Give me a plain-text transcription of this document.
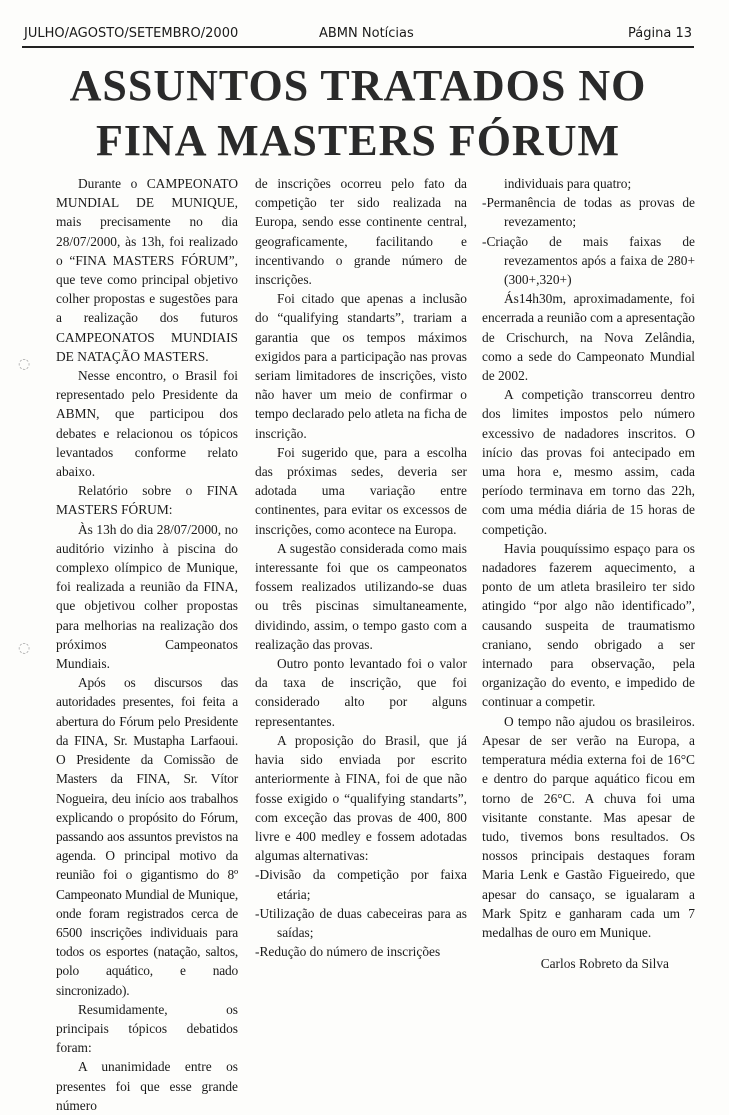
JULHO/AGOSTO/SETEMBRO/2000	ABMN Notícias	Página 13
ASSUNTOS TRATADOS NO
FINA MASTERS FÓRUM
◌
◌

Durante o CAMPEONATO MUNDIAL DE MUNIQUE, mais precisamente no dia 28/07/2000, às 13h, foi realizado o “FINA MASTERS FÓRUM”, que teve como principal objetivo colher propostas e sugestões para a realização dos futuros CAMPEONATOS MUNDIAIS DE NATAÇÃO MASTERS.

Nesse encontro, o Brasil foi representado pelo Presidente da ABMN, que participou dos debates e relacionou os tópicos levantados conforme relato abaixo.

Relatório sobre o FINA MASTERS FÓRUM:

Às 13h do dia 28/07/2000, no auditório vizinho à piscina do complexo olímpico de Munique, foi realizada a reunião da FINA, que objetivou colher propostas para melhorias na realização dos próximos Campeonatos Mundiais.

Após os discursos das autoridades presentes, foi feita a abertura do Fórum pelo Presidente da FINA, Sr. Mustapha Larfaoui. O Presidente da Comissão de Masters da FINA, Sr. Vítor Nogueira, deu início aos trabalhos explicando o propósito do Fórum, passando aos assuntos previstos na agenda. O principal motivo da reunião foi o gigantismo do 8º Campeonato Mundial de Munique, onde foram registrados cerca de 6500 inscrições individuais para todos os esportes (natação, saltos, polo aquático, e nado sincronizado).

Resumidamente, os principais tópicos debatidos foram:

A unanimidade entre os presentes foi que esse grande número

de inscrições ocorreu pelo fato da competição ter sido realizada na Europa, sendo esse continente central, geograficamente, facilitando e incentivando o grande número de inscrições.

Foi citado que apenas a inclusão do “qualifying standarts”, trariam a garantia que os tempos máximos exigidos para a participação nas provas seriam limitadores de inscrições, visto não haver um meio de confirmar o tempo declarado pelo atleta na ficha de inscrição.

Foi sugerido que, para a escolha das próximas sedes, deveria ser adotada uma variação entre continentes, para evitar os excessos de inscrições, como acontece na Europa.

A sugestão considerada como mais interessante foi que os campeonatos fossem realizados utilizando-se duas ou três piscinas simultaneamente, dividindo, assim, o tempo gasto com a realização das provas.

Outro ponto levantado foi o valor da taxa de inscrição, que foi considerado alto por alguns representantes.

A proposição do Brasil, que já havia sido enviada por escrito anteriormente à FINA, foi de que não fosse exigido o “qualifying standarts”, com exceção das provas de 400, 800 livre e 400 medley e fossem adotadas algumas alternativas:

-Divisão da competição por faixa etária;

-Utilização de duas cabeceiras para as saídas;

-Redução do número de inscrições

individuais para quatro;

-Permanência de todas as provas de revezamento;

-Criação de mais faixas de revezamentos após a faixa de 280+ (300+,320+)

Ás14h30m, aproximadamente, foi encerrada a reunião com a apresentação de Crischurch, na Nova Zelândia, como a sede do Campeonato Mundial de 2002.

A competição transcorreu dentro dos limites impostos pelo número excessivo de nadadores inscritos. O início das provas foi antecipado em uma hora e, mesmo assim, cada período terminava em torno das 22h, com uma média diária de 15 horas de competição.

Havia pouquíssimo espaço para os nadadores fazerem aquecimento, a ponto de um atleta brasileiro ter sido atingido “por algo não identificado”, causando suspeita de traumatismo craniano, sendo obrigado a ser internado para observação, pela organização do evento, e impedido de continuar a competir.

O tempo não ajudou os brasileiros. Apesar de ser verão na Europa, a temperatura média externa foi de 16°C e dentro do parque aquático ficou em torno de 26°C. A chuva foi uma visitante constante. Mas apesar de tudo, tivemos bons resultados. Os nossos principais destaques foram Maria Lenk e Gastão Figueiredo, que apesar do cansaço, se igualaram a Mark Spitz e ganharam cada um 7 medalhas de ouro em Munique.

Carlos Robreto da Silva
